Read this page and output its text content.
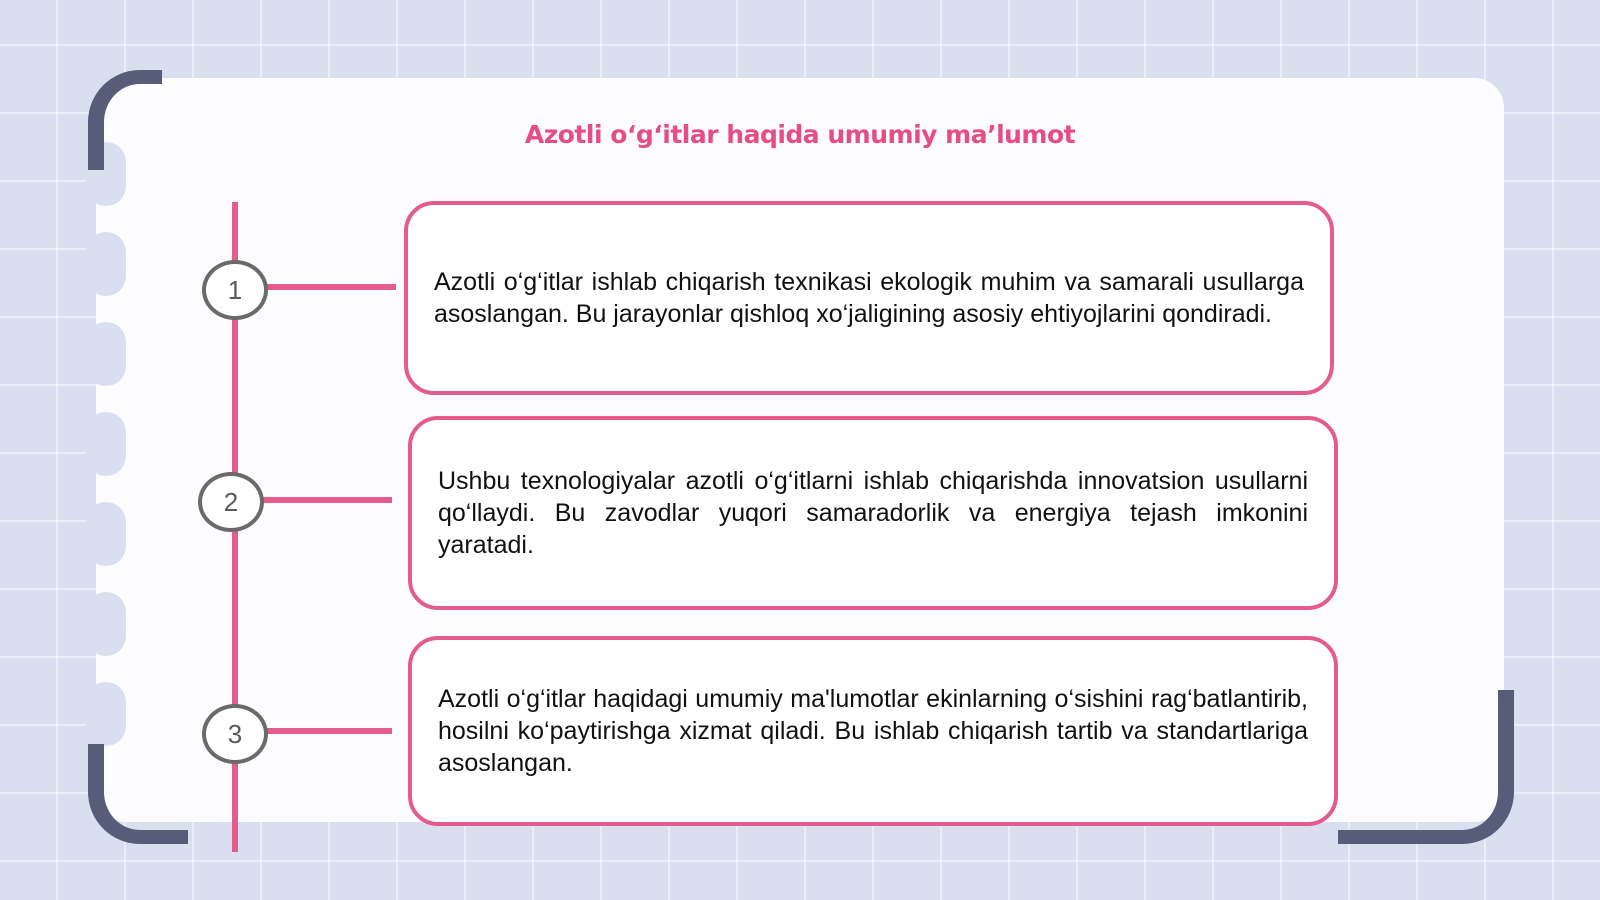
Azotli o‘g‘itlar haqida umumiy ma’lumot
1
2
3

Azotli o‘g‘itlar ishlab chiqarish texnikasi ekologik muhim va samarali usullarga asoslangan. Bu jarayonlar qishloq xo‘jaligining asosiy ehtiyojlarini qondiradi.

Ushbu texnologiyalar azotli o‘g‘itlarni ishlab chiqarishda innovatsion usullarni qo‘llaydi. Bu zavodlar yuqori samaradorlik va energiya tejash imkonini yaratadi.

Azotli o‘g‘itlar haqidagi umumiy ma'lumotlar ekinlarning o‘sishini rag‘batlantirib, hosilni ko‘paytirishga xizmat qiladi. Bu ishlab chiqarish tartib va standartlariga asoslangan.
